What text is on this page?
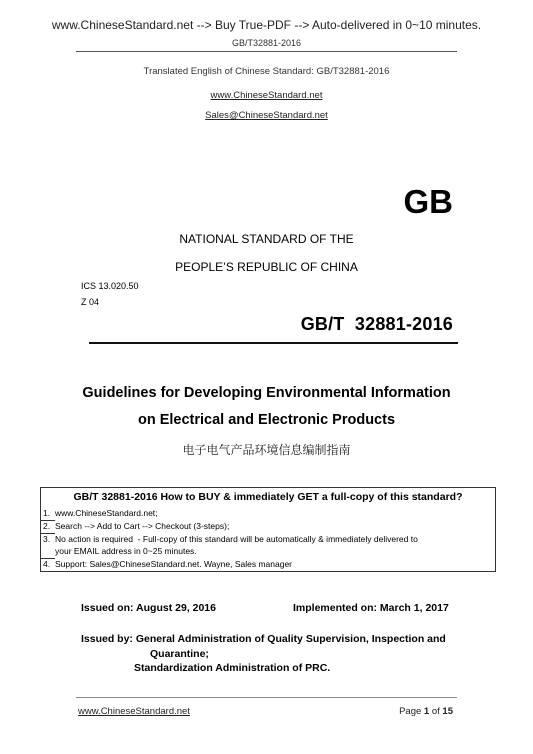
www.ChineseStandard.net --> Buy True-PDF --> Auto-delivered in 0~10 minutes.
GB/T32881-2016
Translated English of Chinese Standard: GB/T32881-2016
www.ChineseStandard.net
Sales@ChineseStandard.net
GB
NATIONAL STANDARD OF THE
PEOPLE’S REPUBLIC OF CHINA
ICS 13.020.50
Z 04
GB/T  32881-2016
Guidelines for Developing Environmental Information
on Electrical and Electronic Products
电子电气产品环境信息编制指南
GB/T 32881-2016 How to BUY & immediately GET a full-copy of this standard?
1. www.ChineseStandard.net;
2. Search --> Add to Cart --> Checkout (3-steps);
3. No action is required  - Full-copy of this standard will be automatically & immediately delivered to
your EMAIL address in 0~25 minutes.
4. Support: Sales@ChineseStandard.net. Wayne, Sales manager
Issued on: August 29, 2016	Implemented on: March 1, 2017
Issued by: General Administration of Quality Supervision, Inspection and
Quarantine;
Standardization Administration of PRC.
www.ChineseStandard.net	Page 1 of 15
